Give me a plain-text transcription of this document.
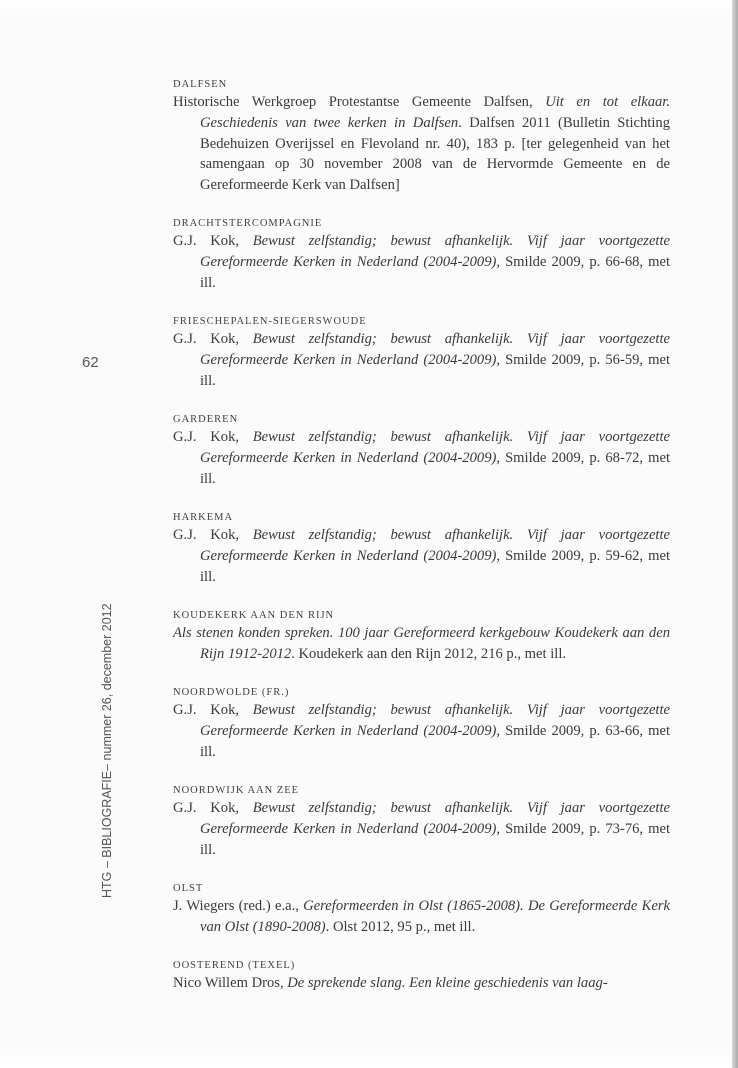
62
HTG – BIBLIOGRAFIE– nummer 26, december 2012
DALFSEN
Historische Werkgroep Protestantse Gemeente Dalfsen, Uit en tot elkaar. Geschiedenis van twee kerken in Dalfsen. Dalfsen 2011 (Bulletin Stichting Bedehuizen Overijssel en Flevoland nr. 40), 183 p. [ter gelegenheid van het samengaan op 30 november 2008 van de Hervormde Gemeente en de Gereformeerde Kerk van Dalfsen]
DRACHTSTERCOMPAGNIE
G.J. Kok, Bewust zelfstandig; bewust afhankelijk. Vijf jaar voortgezette Gereformeerde Kerken in Nederland (2004-2009), Smilde 2009, p. 66-68, met ill.
FRIESCHEPALEN-SIEGERSWOUDE
G.J. Kok, Bewust zelfstandig; bewust afhankelijk. Vijf jaar voortgezette Gereformeerde Kerken in Nederland (2004-2009), Smilde 2009, p. 56-59, met ill.
GARDEREN
G.J. Kok, Bewust zelfstandig; bewust afhankelijk. Vijf jaar voortgezette Gereformeerde Kerken in Nederland (2004-2009), Smilde 2009, p. 68-72, met ill.
HARKEMA
G.J. Kok, Bewust zelfstandig; bewust afhankelijk. Vijf jaar voortgezette Gereformeerde Kerken in Nederland (2004-2009), Smilde 2009, p. 59-62, met ill.
KOUDEKERK AAN DEN RIJN
Als stenen konden spreken. 100 jaar Gereformeerd kerkgebouw Koudekerk aan den Rijn 1912-2012. Koudekerk aan den Rijn 2012, 216 p., met ill.
NOORDWOLDE (FR.)
G.J. Kok, Bewust zelfstandig; bewust afhankelijk. Vijf jaar voortgezette Gereformeerde Kerken in Nederland (2004-2009), Smilde 2009, p. 63-66, met ill.
NOORDWIJK AAN ZEE
G.J. Kok, Bewust zelfstandig; bewust afhankelijk. Vijf jaar voortgezette Gereformeerde Kerken in Nederland (2004-2009), Smilde 2009, p. 73-76, met ill.
OLST
J. Wiegers (red.) e.a., Gereformeerden in Olst (1865-2008). De Gereformeerde Kerk van Olst (1890-2008). Olst 2012, 95 p., met ill.
OOSTEREND (TEXEL)
Nico Willem Dros, De sprekende slang. Een kleine geschiedenis van laag-
